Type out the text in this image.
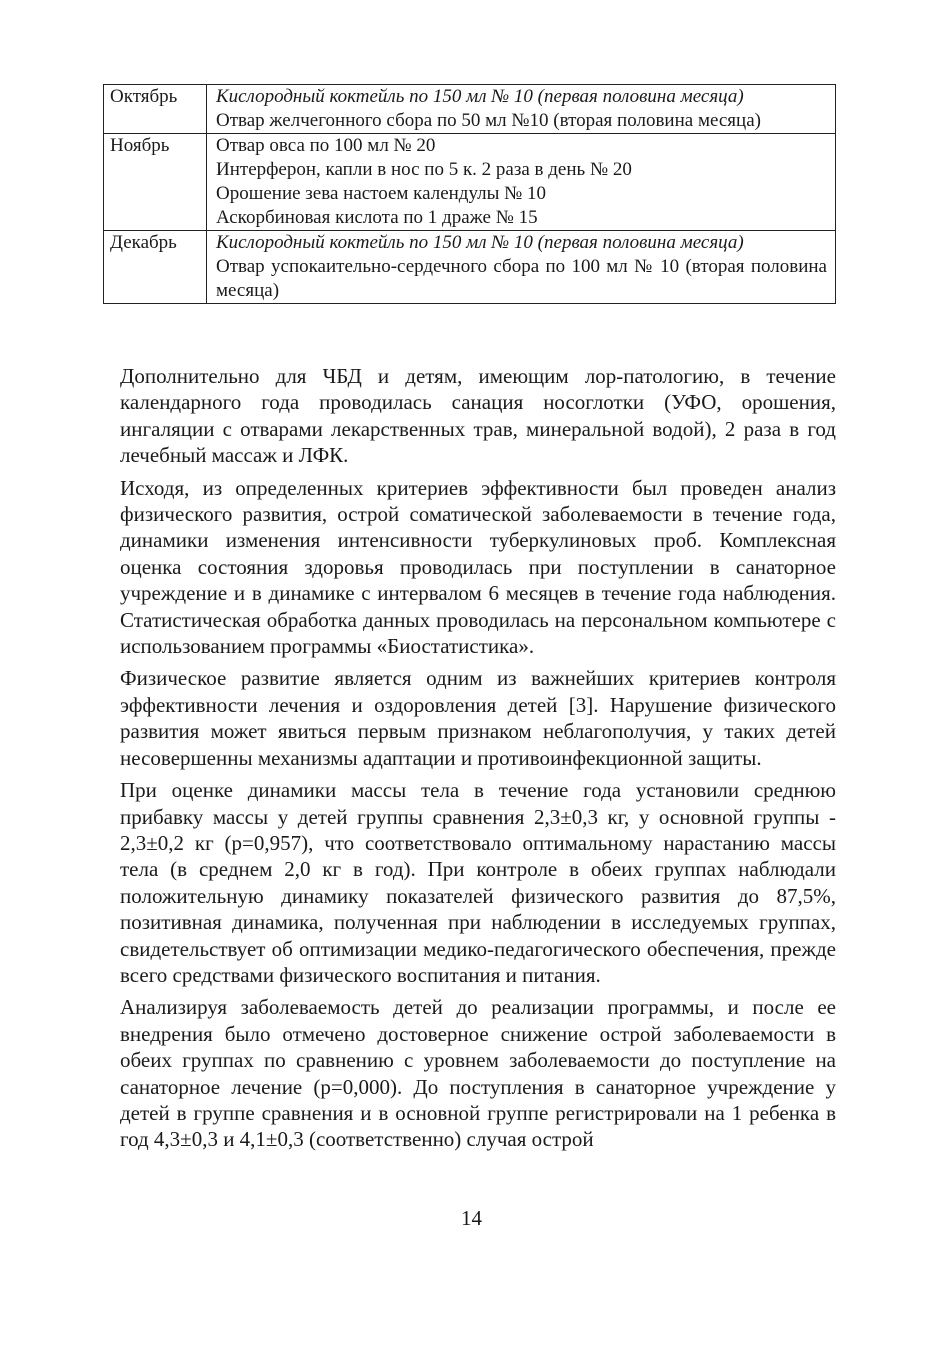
Октябрь	Кислородный коктейль по 150 мл № 10 (первая половина месяца)
Отвар желчегонного сбора по 50 мл №10 (вторая половина месяца)

Ноябрь	Отвар овса по 100 мл № 20
Интерферон, капли в нос по 5 к. 2 раза в день № 20
Орошение зева настоем календулы № 10
Аскорбиновая кислота по 1 драже № 15

Декабрь	Кислородный коктейль по 150 мл № 10 (первая половина месяца)
Отвар успокаительно-сердечного сбора по 100 мл № 10 (вторая половина месяца)

Дополнительно для ЧБД и детям, имеющим лор-патологию, в течение календарного года проводилась санация носоглотки (УФО, орошения, ингаляции с отварами лекарственных трав, минеральной водой), 2 раза в год лечебный массаж и ЛФК.

Исходя, из определенных критериев эффективности был проведен анализ физического развития, острой соматической заболеваемости в течение года, динамики изменения интенсивности туберкулиновых проб. Комплексная оценка состояния здоровья проводилась при поступлении в санаторное учреждение и в динамике с интервалом 6 месяцев в течение года наблюдения. Статистическая обработка данных проводилась на персональном компьютере с использованием программы «Биостатистика».

Физическое развитие является одним из важнейших критериев контроля эффективности лечения и оздоровления детей [3]. Нарушение физического развития может явиться первым признаком неблагополучия, у таких детей несовершенны механизмы адаптации и противоинфекционной защиты.

При оценке динамики массы тела в течение года установили среднюю прибавку массы у детей группы сравнения 2,3±0,3 кг, у основной группы - 2,3±0,2 кг (р=0,957), что соответствовало оптимальному нарастанию массы тела (в среднем 2,0 кг в год). При контроле в обеих группах наблюдали положительную динамику показателей физического развития до 87,5%, позитивная динамика, полученная при наблюдении в исследуемых группах, свидетельствует об оптимизации медико-педагогического обеспечения, прежде всего средствами физического воспитания и питания.

Анализируя заболеваемость детей до реализации программы, и после ее внедрения было отмечено достоверное снижение острой заболеваемости в обеих группах по сравнению с уровнем заболеваемости до поступление на санаторное лечение (р=0,000). До поступления в санаторное учреждение у детей в группе сравнения и в основной группе регистрировали на 1 ребенка в год 4,3±0,3 и 4,1±0,3 (соответственно) случая острой

14
